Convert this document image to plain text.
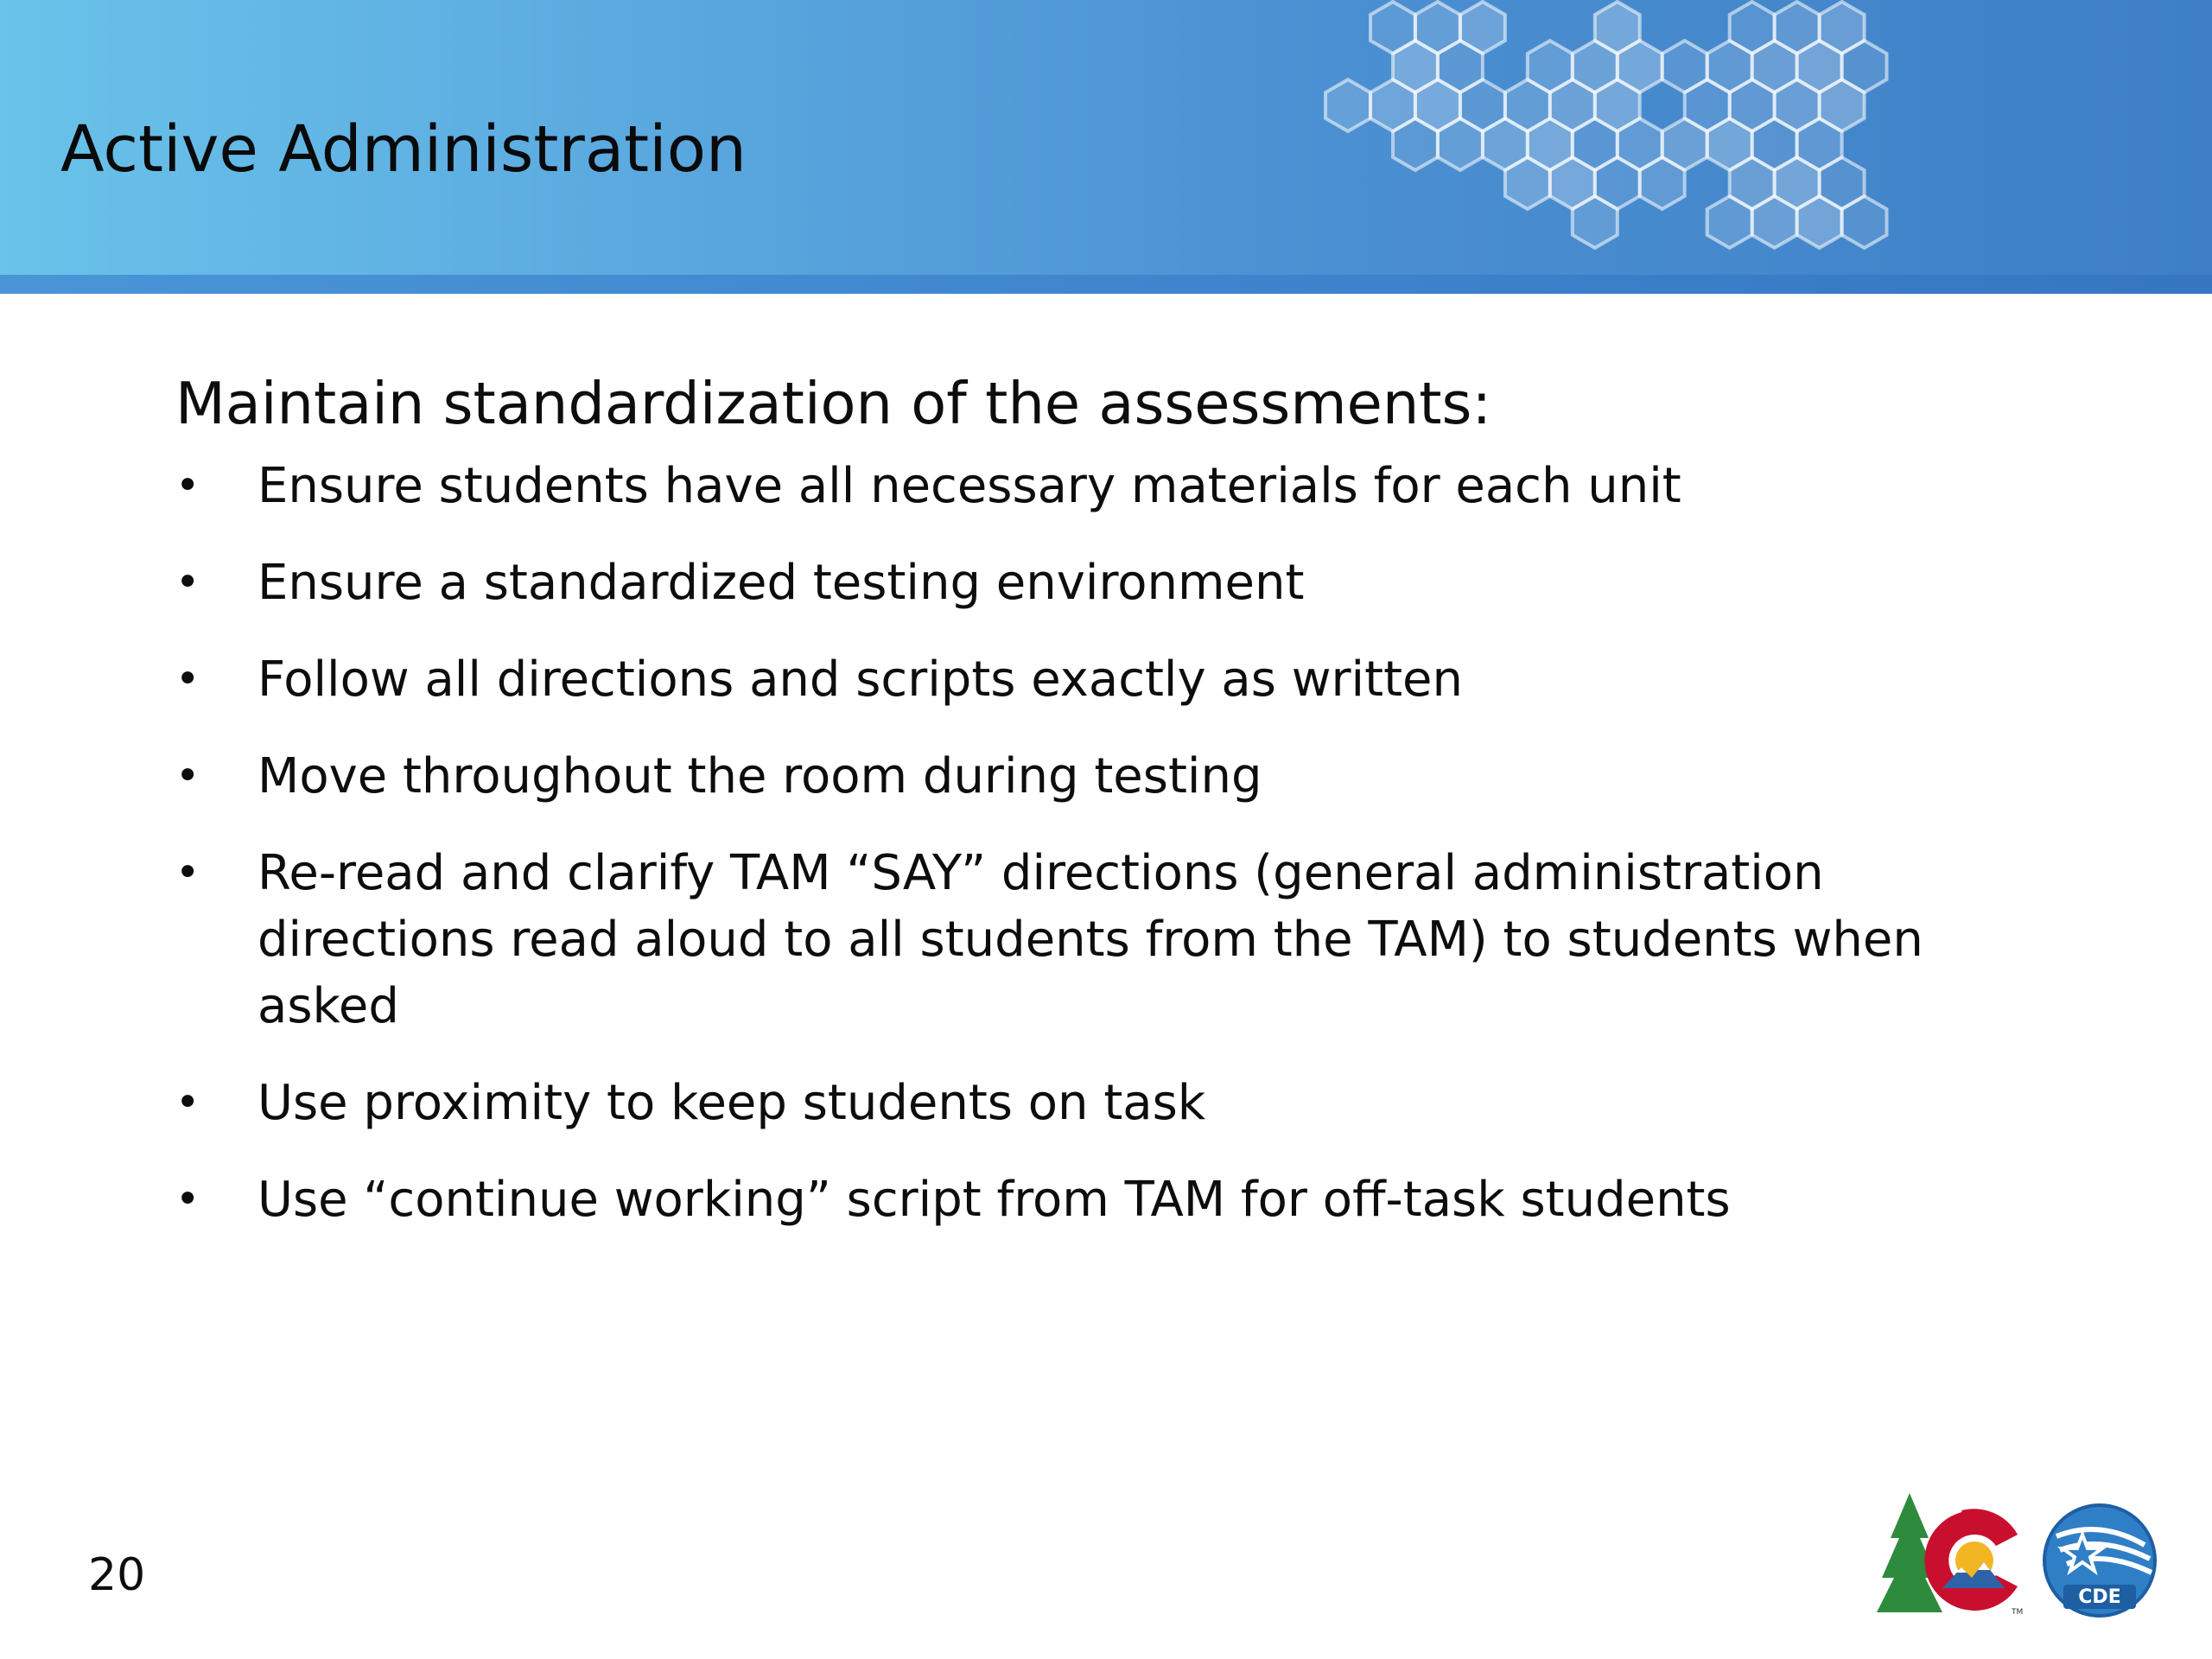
Active Administration

Maintain standardization of the assessments:

• Ensure students have all necessary materials for each unit
• Ensure a standardized testing environment
• Follow all directions and scripts exactly as written
• Move throughout the room during testing
• Re-read and clarify TAM “SAY” directions (general administration directions read aloud to all students from the TAM) to students when asked
• Use proximity to keep students on task
• Use “continue working” script from TAM for off-task students
20
TM
CDE
